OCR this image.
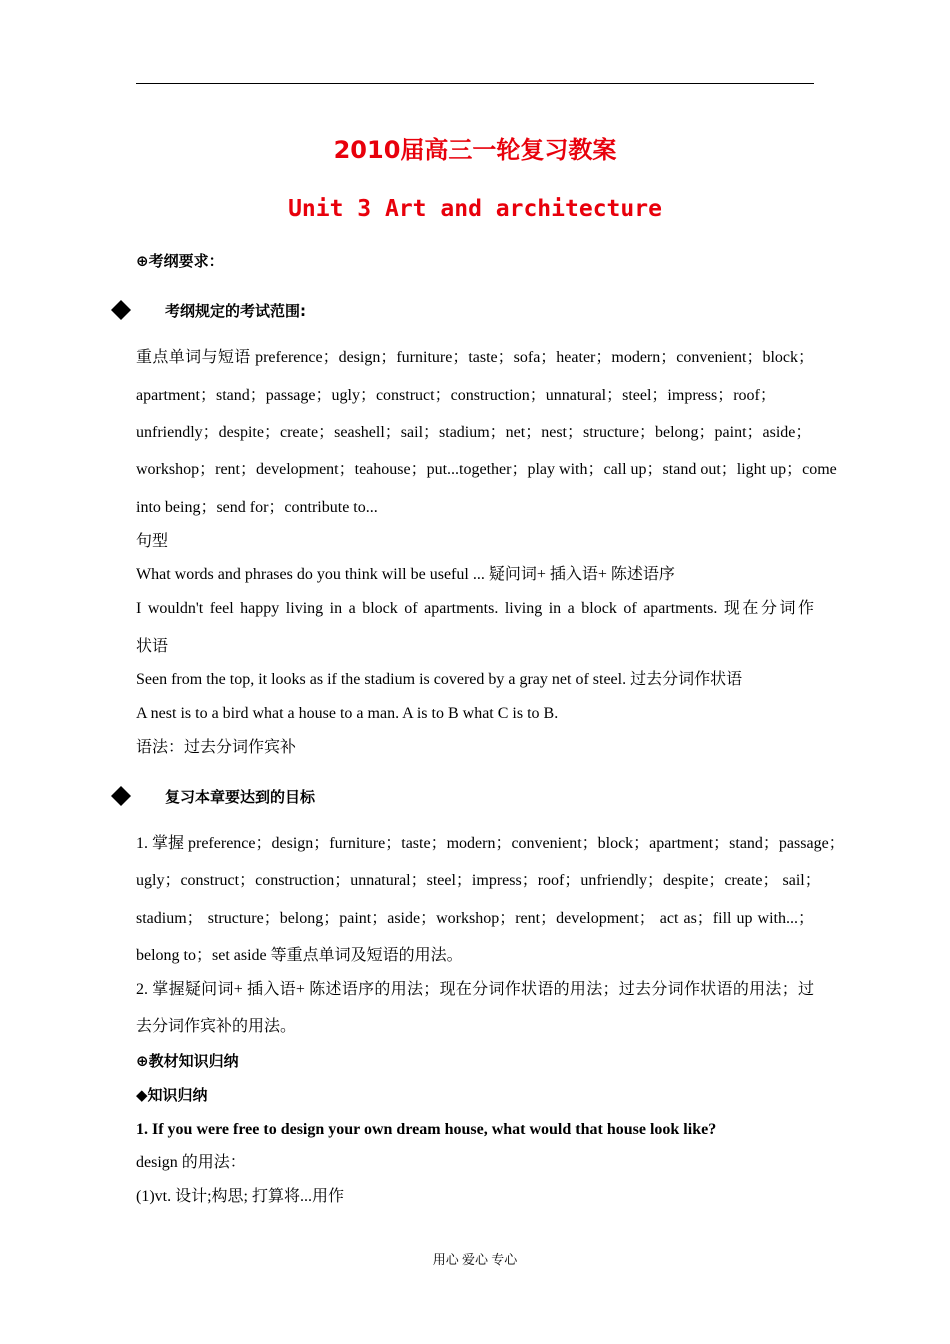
2010届高三一轮复习教案
Unit 3 Art and architecture
⊕考纲要求：
考纲规定的考试范围:
重点单词与短语 preference；design；furniture；taste；sofa；heater；modern；convenient；block；
apartment；stand；passage；ugly；construct；construction；unnatural；steel；impress；roof；
unfriendly；despite；create；seashell；sail；stadium；net；nest；structure；belong；paint；aside；
workshop；rent；development；teahouse；put...together；play with；call up；stand out；light up；come
into being；send for；contribute to...
句型
What words and phrases do you think will be useful ... 疑问词+ 插入语+ 陈述语序
I wouldn't feel happy living in a block of apartments. living in a block of apartments. 现在分词作
状语
Seen from the top, it looks as if the stadium is covered by a gray net of steel. 过去分词作状语
A nest is to a bird what a house to a man. A is to B what C is to B.
语法：过去分词作宾补
复习本章要达到的目标
1. 掌握 preference；design；furniture；taste；modern；convenient；block；apartment；stand；passage；
ugly；construct；construction；unnatural；steel；impress；roof；unfriendly；despite；create； sail；
stadium； structure；belong；paint；aside；workshop；rent；development； act as；fill up with...；
belong to；set aside 等重点单词及短语的用法。
2. 掌握疑问词+ 插入语+ 陈述语序的用法；现在分词作状语的用法；过去分词作状语的用法；过
去分词作宾补的用法。
⊕教材知识归纳
◆知识归纳
1. If you were free to design your own dream house, what would that house look like?
design 的用法：
(1)vt. 设计;构思; 打算将...用作
用心 爱心 专心
